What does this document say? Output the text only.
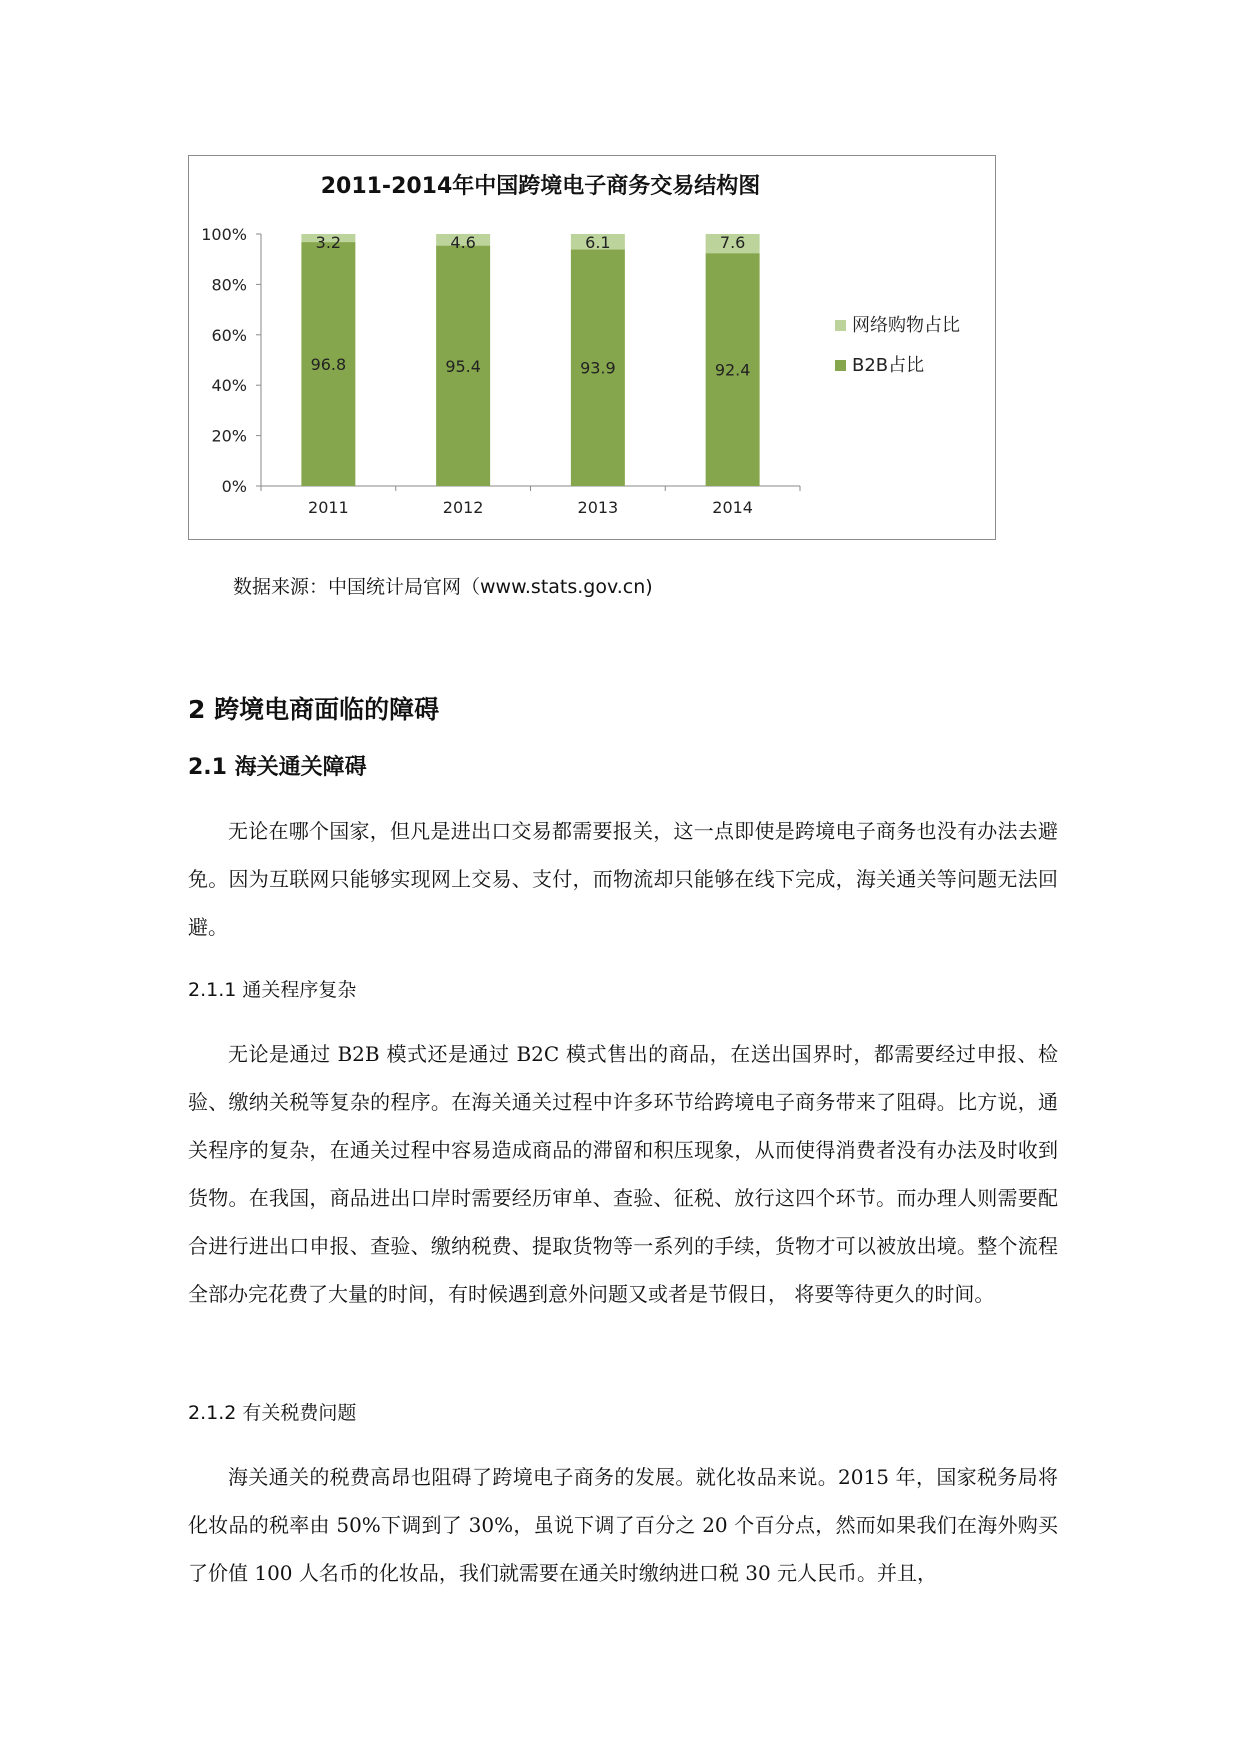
2011-2014年中国跨境电子商务交易结构图
0%
20%
40%
60%
80%
100%
96.8
3.2
2011
95.4
4.6
2012
93.9
6.1
2013
92.4
7.6
2014
网络购物占比
B2B占比
数据来源：中国统计局官网（www.stats.gov.cn)
2 跨境电商面临的障碍
2.1 海关通关障碍

无论在哪个国家，但凡是进出口交易都需要报关，这一点即使是跨境电子商务也没有办法去避免。因为互联网只能够实现网上交易、支付，而物流却只能够在线下完成，海关通关等问题无法回避。

2.1.1 通关程序复杂

无论是通过 B2B 模式还是通过 B2C 模式售出的商品，在送出国界时，都需要经过申报、检验、缴纳关税等复杂的程序。在海关通关过程中许多环节给跨境电子商务带来了阻碍。比方说，通关程序的复杂，在通关过程中容易造成商品的滞留和积压现象，从而使得消费者没有办法及时收到货物。在我国，商品进出口岸时需要经历审单、查验、征税、放行这四个环节。而办理人则需要配合进行进出口申报、查验、缴纳税费、提取货物等一系列的手续，货物才可以被放出境。整个流程全部办完花费了大量的时间，有时候遇到意外问题又或者是节假日， 将要等待更久的时间。

2.1.2 有关税费问题

海关通关的税费高昂也阻碍了跨境电子商务的发展。就化妆品来说。2015 年，国家税务局将化妆品的税率由 50%下调到了 30%，虽说下调了百分之 20 个百分点，然而如果我们在海外购买了价值 100 人名币的化妆品，我们就需要在通关时缴纳进口税 30 元人民币。并且，
